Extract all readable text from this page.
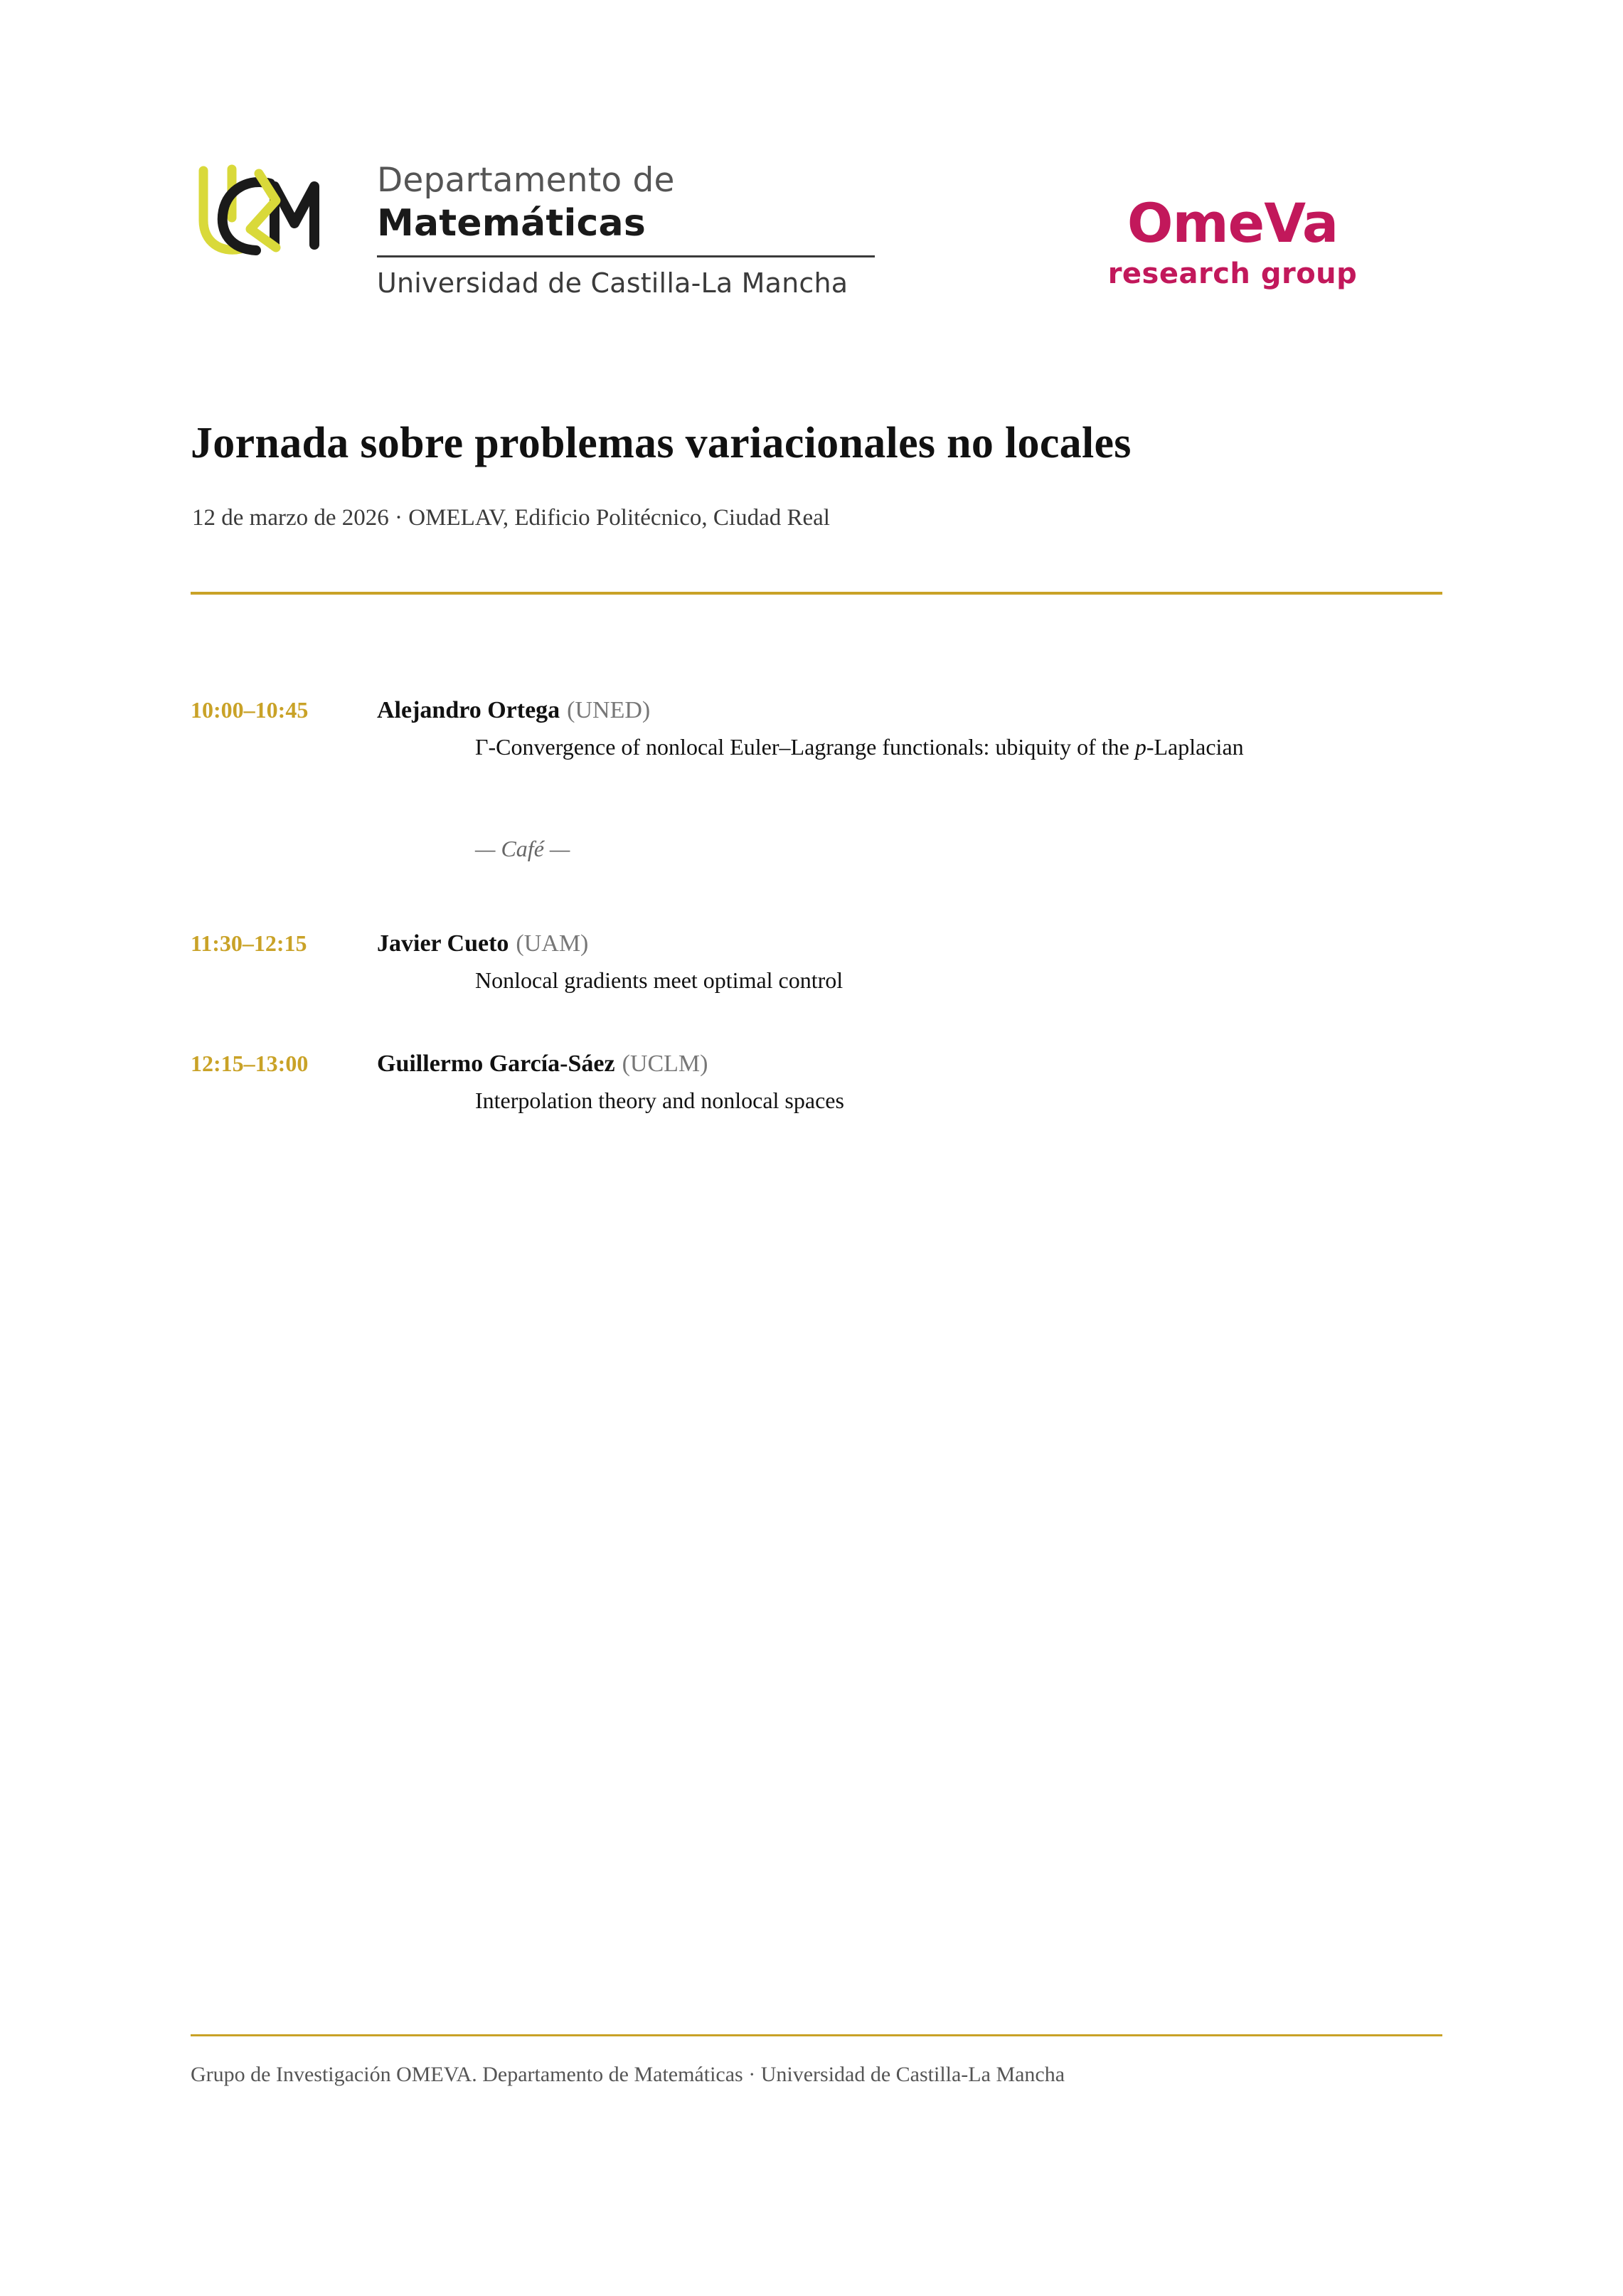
Departamento de
Matemáticas
Universidad de Castilla-La Mancha
OmeVa
research group
Jornada sobre problemas variacionales no locales
12 de marzo de 2026 · OMELAV, Edificio Politécnico, Ciudad Real
10:00–10:45	Alejandro Ortega (UNED)
Γ-Convergence of nonlocal Euler–Lagrange functionals: ubiquity of the p-Laplacian
— Café —
11:30–12:15	Javier Cueto (UAM)
Nonlocal gradients meet optimal control
12:15–13:00	Guillermo García-Sáez (UCLM)
Interpolation theory and nonlocal spaces
Grupo de Investigación OMEVA. Departamento de Matemáticas · Universidad de Castilla-La Mancha
